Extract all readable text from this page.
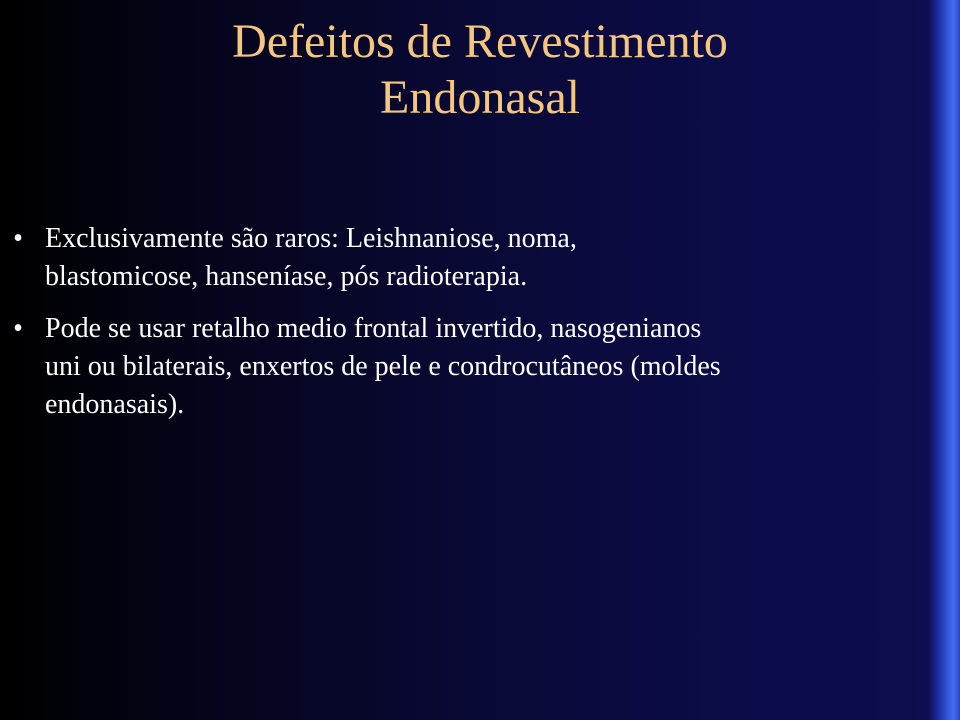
Defeitos de Revestimento
Endonasal
• Exclusivamente são raros: Leishnaniose, noma,
blastomicose, hanseníase, pós radioterapia.
• Pode se usar retalho medio frontal invertido, nasogenianos
uni ou bilaterais, enxertos de pele e condrocutâneos (moldes
endonasais).
